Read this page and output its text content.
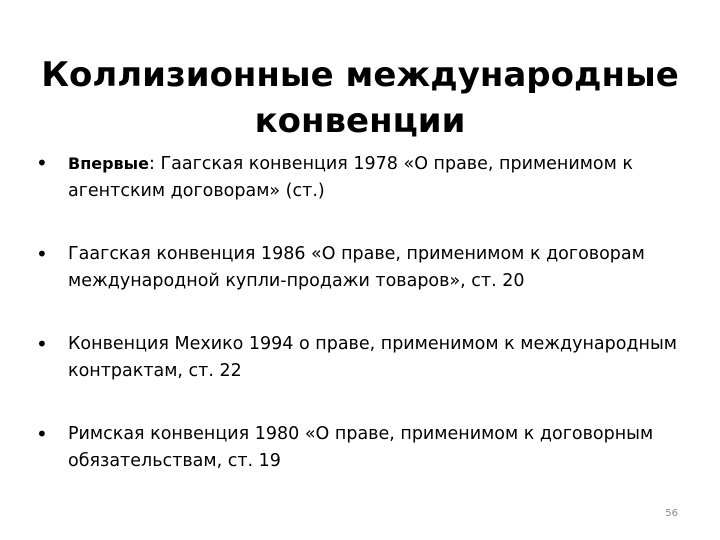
Коллизионные международные конвенции
• Впервые: Гаагская конвенция 1978 «О праве, применимом к агентским договорам» (ст.)
• Гаагская конвенция 1986 «О праве, применимом к договорам международной купли-продажи товаров», ст. 20
• Конвенция Мехико 1994 о праве, применимом к международным контрактам, ст. 22
• Римская конвенция 1980 «О праве, применимом к договорным обязательствам, ст. 19
56
